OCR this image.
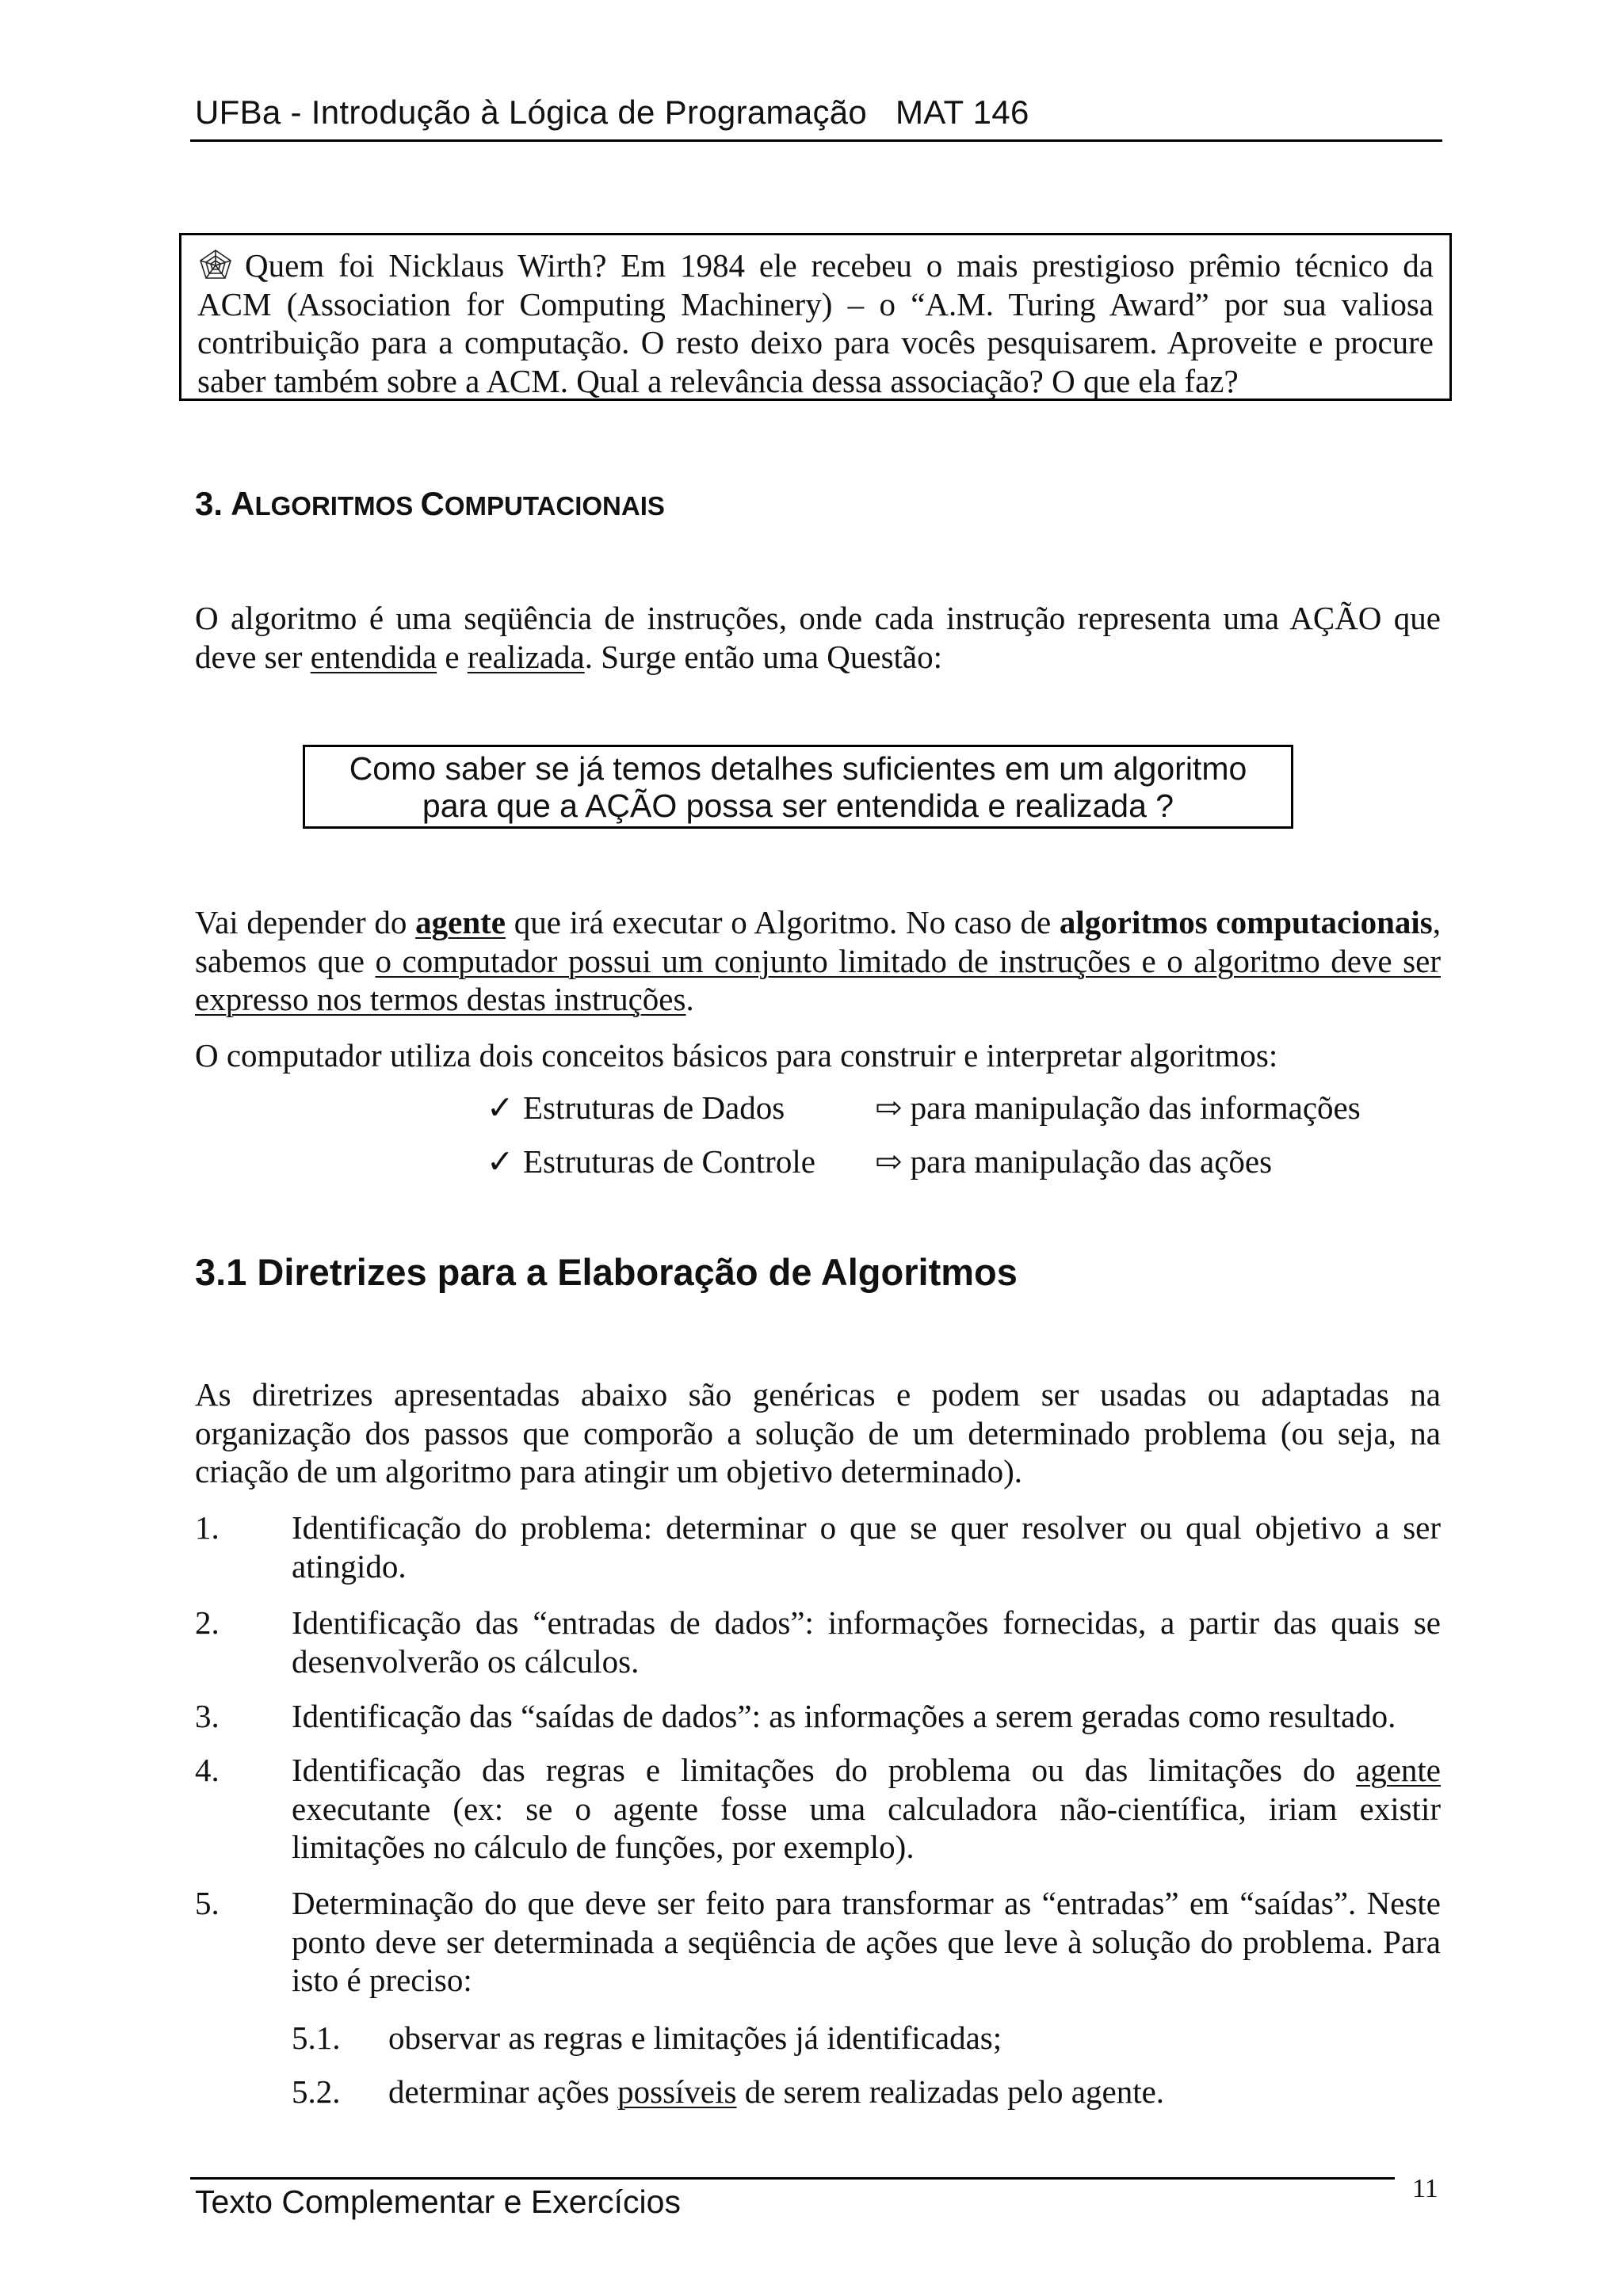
UFBa - Introdução à Lógica de Programação   MAT 146

Quem foi Nicklaus Wirth? Em 1984 ele recebeu o mais prestigioso prêmio técnico da ACM (Association for Computing Machinery) – o “A.M. Turing Award” por sua valiosa contribuição para a computação. O resto deixo para vocês pesquisarem. Aproveite e procure saber também sobre a ACM. Qual a relevância dessa associação? O que ela faz?

3. ALGORITMOS COMPUTACIONAIS

O algoritmo é uma seqüência de instruções, onde cada instrução representa uma AÇÃO que deve ser entendida e realizada. Surge então uma Questão:

Como saber se já temos detalhes suficientes em um algoritmo
para que a AÇÃO possa ser entendida e realizada ?

Vai depender do agente que irá executar o Algoritmo. No caso de algoritmos computacionais, sabemos que o computador possui um conjunto limitado de instruções e o algoritmo deve ser expresso nos termos destas instruções.

O computador utiliza dois conceitos básicos para construir e interpretar algoritmos:

✓ Estruturas de Dados	⇨ para manipulação das informações
✓ Estruturas de Controle ⇨ para manipulação das ações
3.1 Diretrizes para a Elaboração de Algoritmos

As diretrizes apresentadas abaixo são genéricas e podem ser usadas ou adaptadas na organização dos passos que comporão a solução de um determinado problema (ou seja, na criação de um algoritmo para atingir um objetivo determinado).

1. Identificação do problema: determinar o que se quer resolver ou qual objetivo a ser atingido.

2. Identificação das “entradas de dados”: informações fornecidas, a partir das quais se desenvolverão os cálculos.

3. Identificação das “saídas de dados”: as informações a serem geradas como resultado.

4. Identificação das regras e limitações do problema ou das limitações do agente executante (ex: se o agente fosse uma calculadora não-científica, iriam existir limitações no cálculo de funções, por exemplo).

5. Determinação do que deve ser feito para transformar as “entradas” em “saídas”. Neste ponto deve ser determinada a seqüência de ações que leve à solução do problema. Para isto é preciso:

5.1. observar as regras e limitações já identificadas;

5.2. determinar ações possíveis de serem realizadas pelo agente.

Texto Complementar e Exercícios	11
